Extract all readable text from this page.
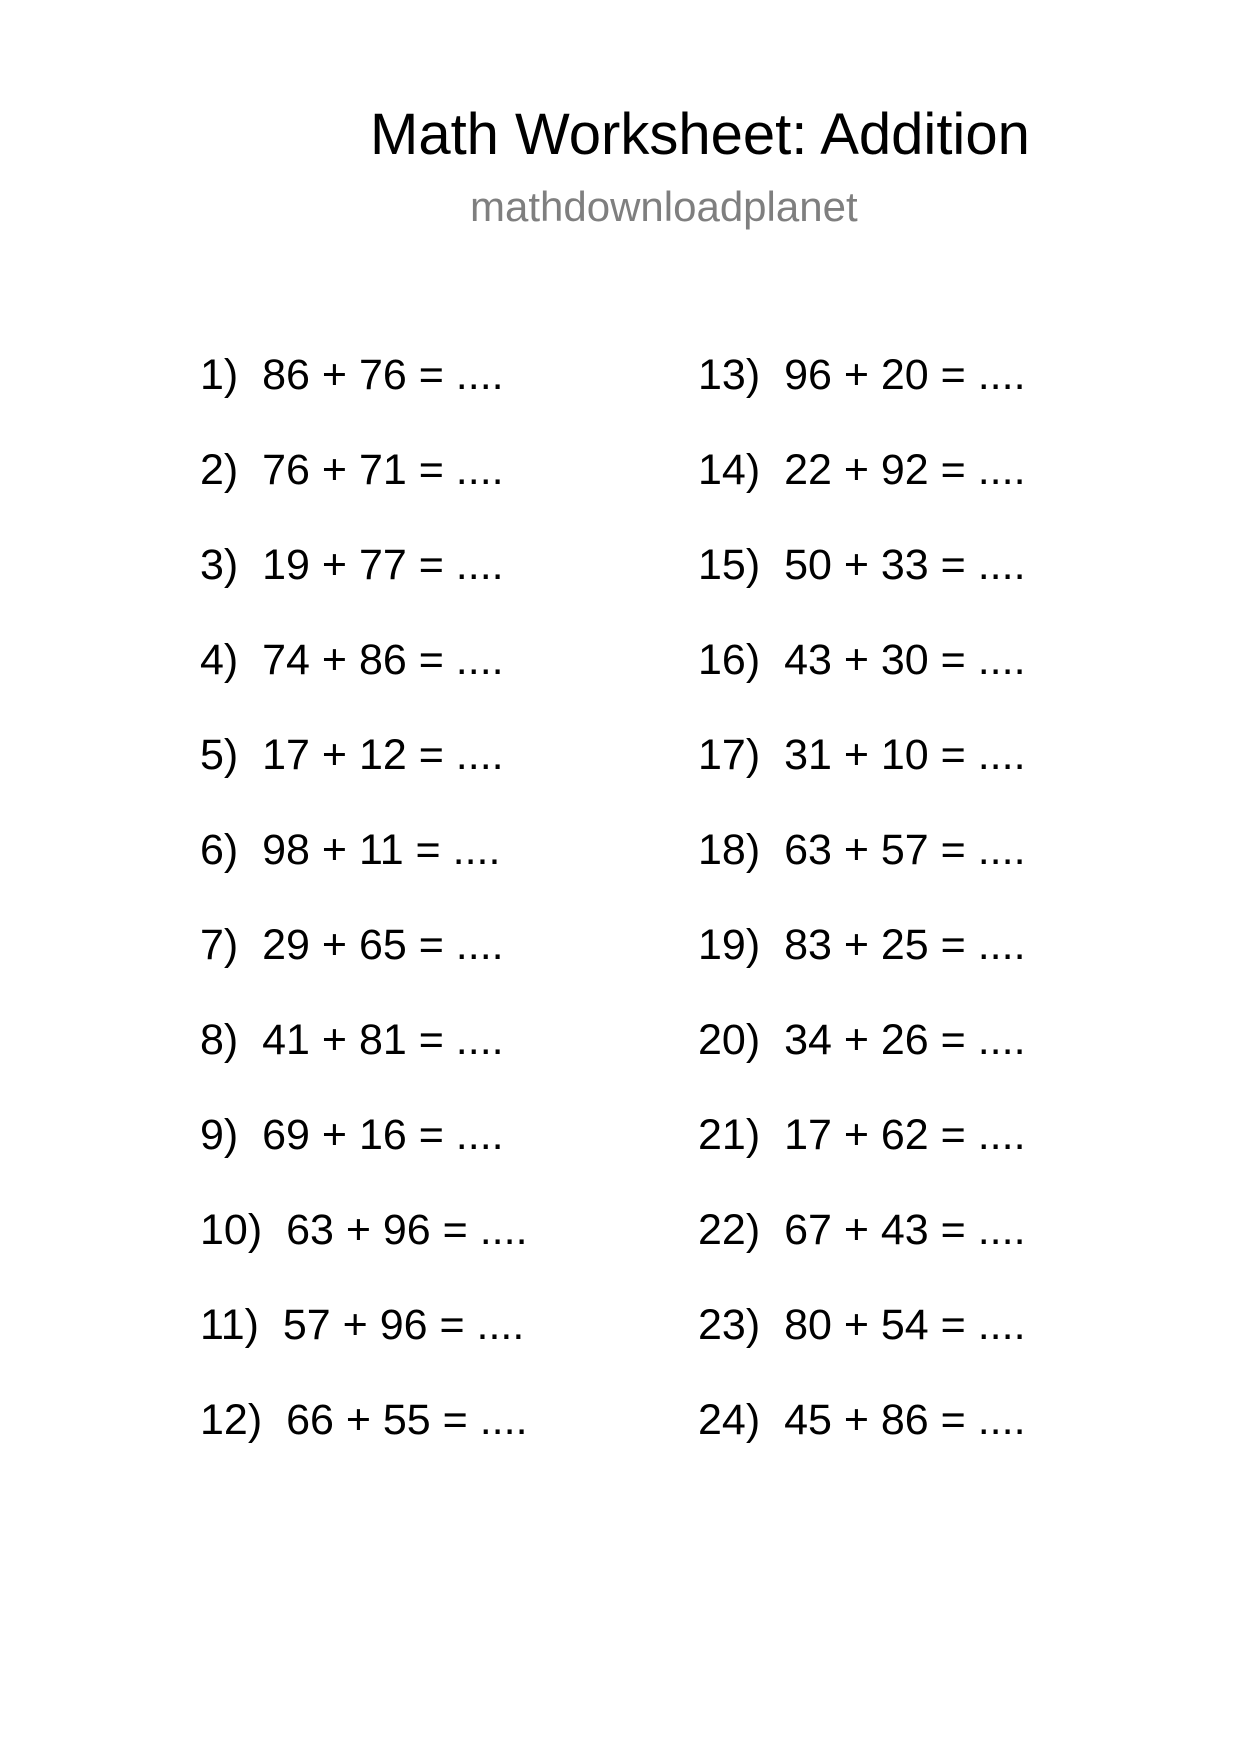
Math Worksheet: Addition
mathdownloadplanet
1) 86 + 76 = ....
2) 76 + 71 = ....
3) 19 + 77 = ....
4) 74 + 86 = ....
5) 17 + 12 = ....
6) 98 + 11 = ....
7) 29 + 65 = ....
8) 41 + 81 = ....
9) 69 + 16 = ....
10) 63 + 96 = ....
11) 57 + 96 = ....
12) 66 + 55 = ....
13) 96 + 20 = ....
14) 22 + 92 = ....
15) 50 + 33 = ....
16) 43 + 30 = ....
17) 31 + 10 = ....
18) 63 + 57 = ....
19) 83 + 25 = ....
20) 34 + 26 = ....
21) 17 + 62 = ....
22) 67 + 43 = ....
23) 80 + 54 = ....
24) 45 + 86 = ....
